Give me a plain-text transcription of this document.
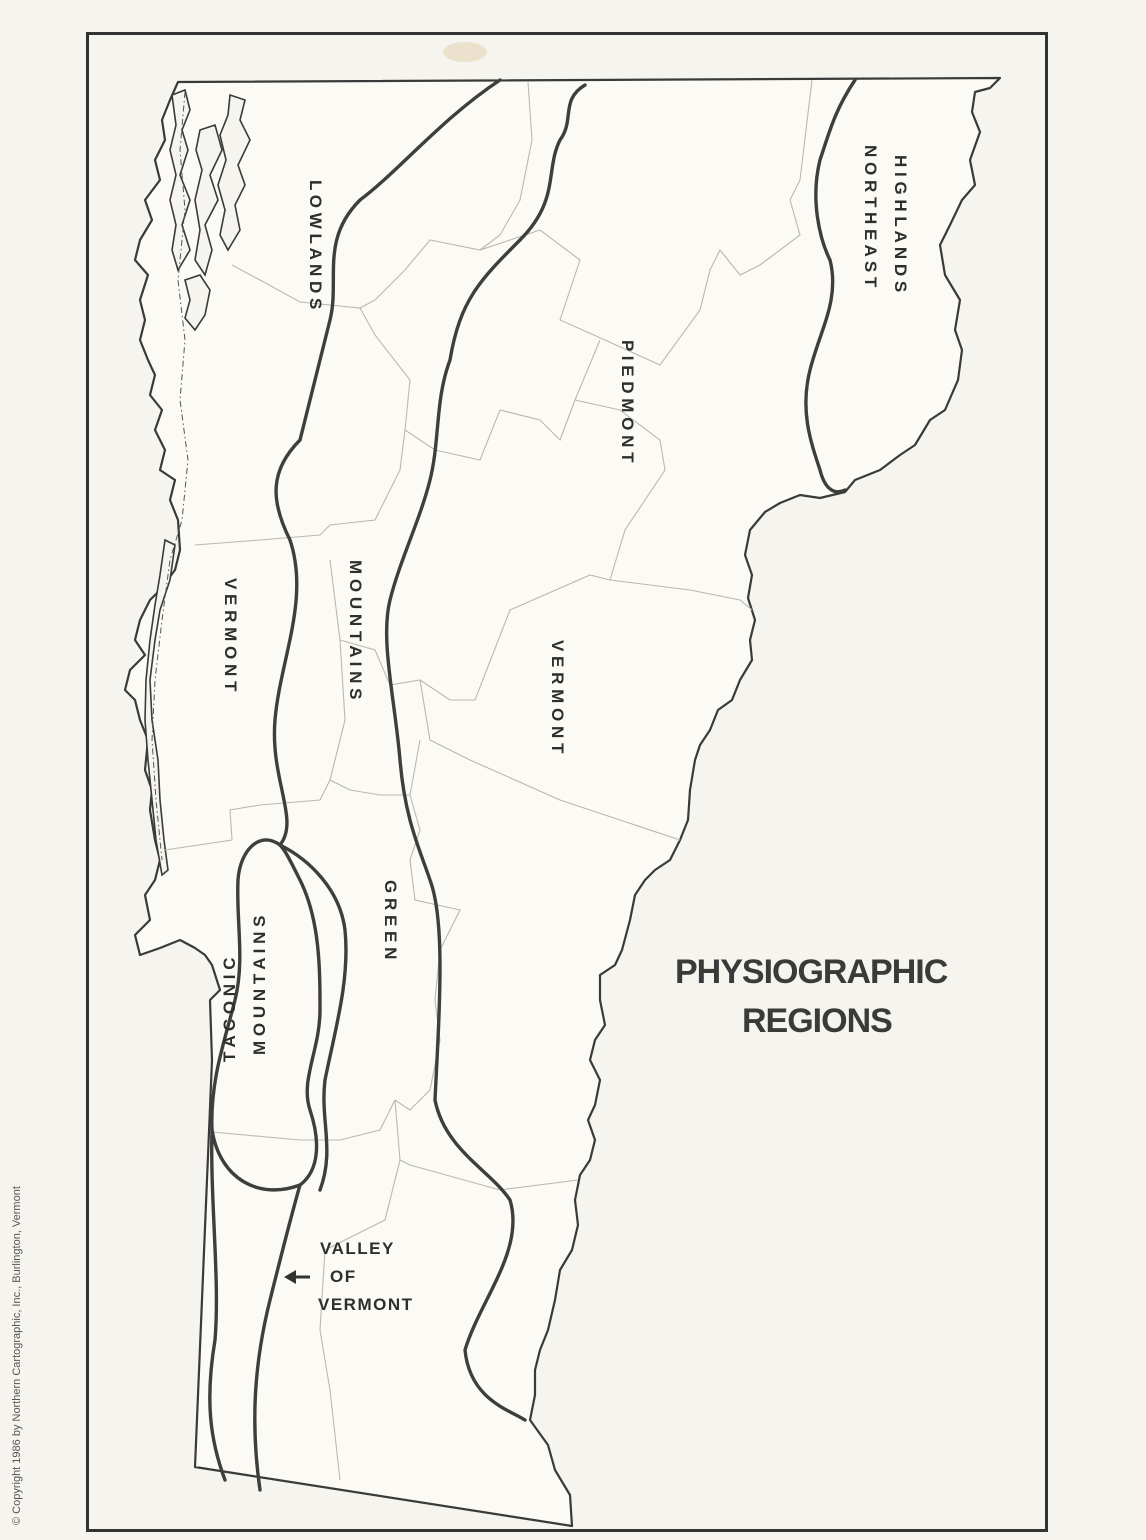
L O W L A N D S
V E R M O N T	M O U N T A I N S
G R E E N
P I E D M O N T
V E R M O N T
N O R T H E A S T H I G H L A N D S
T A C O N I C M O U N T A I N S
VALLEY
OF
VERMONT
PHYSIOGRAPHIC
REGIONS
© Copyright 1986 by Northern Cartographic, Inc., Burlington, Vermont
